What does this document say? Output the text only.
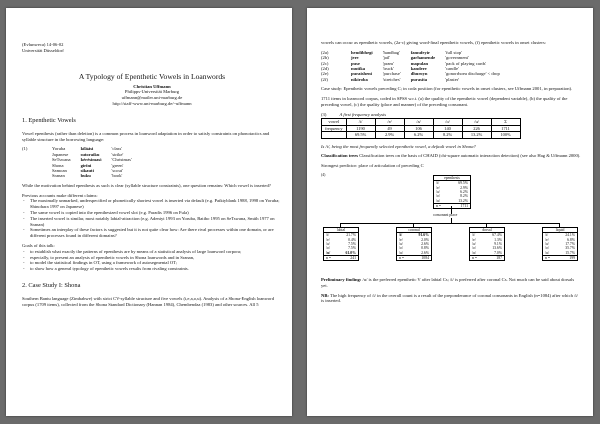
(Evlunweca) 14-06-02
Universität Düsseldorf
A Typology of Epenthetic Vowels in Loanwords
Christian Uffmann
Philipps-Universität Marburg
uffmann@mailer.uni-marburg.de
http://staff-www.uni-marburg.de/~uffmann
1. Epenthetic Vowels

Vowel epenthesis (rather than deletion) is a common process in loanword adaptation in order to satisfy constraints on phonotactics and syllable structure in the borrowing language:

(1)	Yoruba	kíláásì	'class'
	Japanese	sutoraiku	'strike'
	SeTswana	kérésimasì	'Christmas'
	Shona	girîni	'green'
	Samoan	sikauti	'scout'
	Sranan	buku	'book'

While the motivation behind epenthesis as such is clear (syllable structure constraints), one question remains: Which vowel is inserted?

Previous accounts make different claims:
- The maximally unmarked, underspecified or phonetically shortest vowel is inserted via default (e.g. Paiktyblank 1988, 1998 on Yoruba; Shinohara 1997 on Japanese)
- The same vowel is copied into the epenthesized vowel slot (e.g. Paradis 1996 on Fula)
- The inserted vowel is similar, most notably labial-attraction (e.g. Adeniyi 1993 on Yoruba, Batibo 1995 on SeTswana, Smith 1977 on Sranan)
- Sometimes an interplay of these factors is suggested but it is not quite clear how: Are there rival processes within one domain, or are different processes found in different domains?
Goals of this talk:
- to establish what exactly the patterns of epenthesis are by means of a statistical analysis of large loanword corpora;
- especially, to present an analysis of epenthetic vowels in Shona loanwords and in Sranan,
- to model the statistical findings in OT, using a framework of autosegmental OT;
- to show how a general typology of epenthetic vowels results from rivaling constraints.
2. Case Study I: Shona

Southern Bantu language (Zimbabwe) with strict CV-syllable structure and five vowels (i,e,a,o,u). Analysis of a Shona-English loanword corpus (1709 items), collected from the Shona Standard Dictionary (Hannan 1984), Chembendza (1983) and other sources. All 5

vowels can occur as epenthetic vowels, (2a-c) giving word-final epenthetic vowels, (f) epenthetic vowels in onset clusters:

(2a)	hendibhegi	'handbag'	famufeyir	'full stop'
(2b)	jere	'jail'	garhamende	'government'
(2c)	puse	'pram'	mapulan	'pack of playing cards'
(2d)	mutika	'truck'	kandere	'candle'
(2e)	puraisheni	'purchase'	dhuroyn	'gonorrhoea discharge' < drop
(2f)	nikiroba	'stretches'	purasita	'plaster'

Case study: Epenthetic vowels preceding C; in coda position (for epenthetic vowels in onset clusters, see Uffmann 2001, in preparation).

1711 items in loanword corpus, coded in SPSS w.r.t. (a) the quality of the epenthetic vowel (dependent variable), (b) the quality of the preceding vowel, (c) the quality (place and manner) of the preceding consonant.

(3)	A first frequency analysis
vowel	/i/	/e/	/a/	/o/	/u/	Σ
frequency	1190	49	106	140	226	1711
	69.5%	2.9%	6.2%	8.2%	13.2%	100%

Is /i/, being the most frequently selected epenthetic vowel, a default vowel in Shona?

Classification trees Classification trees on the basis of CHAID (chi-square automatic interaction detection) (see also Hag & Uffmann 2000).

Strongest predictor: place of articulation of preceding C

(4)
epenthesis
/i/	69.5%
/e/	2.9%
/a/	6.2%
/o/	8.2%
/u/	13.2%
n =	1711
consonant place
labial
/i/	21.7%
/e/	0.4%
/a/	7.5%
/o/	7.5%
/u/	61.0%
n =	241
coronal
/i/	91.6%
/e/	2.0%
/a/	2.6%
/o/	0.8%
/u/	2.6%
n =	1084
dorsal
/i/	67.4%
/e/	1.3%
/a/	9.1%
/o/	13.6%
/u/	7.0%
n =	187
liquid
/i/	24.1%
/e/	6.8%
/a/	17.7%
/o/	35.7%
/u/	15.7%
n =	199

Preliminary finding: /u/ is the preferred epenthetic V after labial Cs; /i/ is preferred after coronal Cs. Not much can be said about dorsals yet.

NB: The high frequency of /i/ in the overall count is a result of the preponderance of coronal consonants in English (n=1084) after which /i/ is inserted.
